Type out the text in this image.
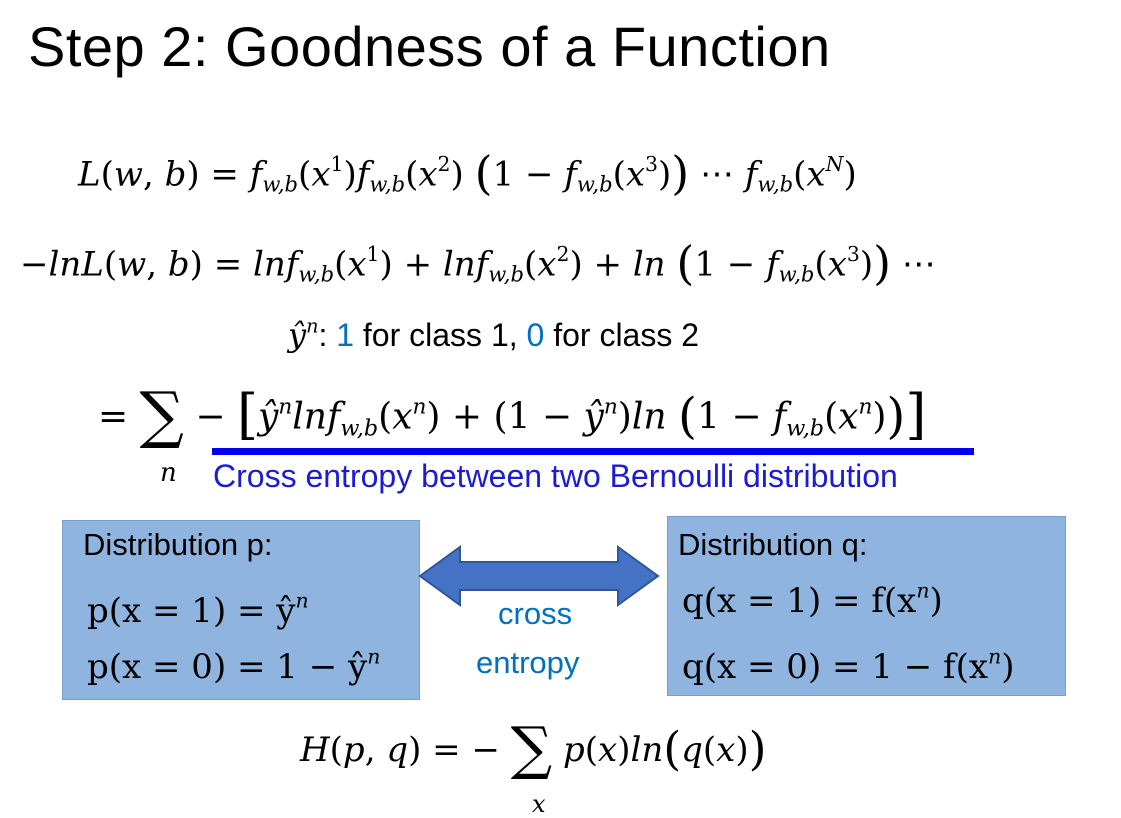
Step 2: Goodness of a Function
L(w, $b) = f_{w,b}(x^1)f_{w,b}(x^2) (1 - f_{w,b}(x^3))$ ⋯ $f_{w,b}(x^N)$
−lnL(w, $b) = \ln f_{w,b}(x^1) + \ln f_{w,b}(x^2) + \ln (1 - f_{w,b}(x^3))$ ⋯
$ŷ^n$: 1 for class 1, 0 for class 2
= ∑ − [$ŷ^n\ln f_{w,b}(x^n) + (1$ − $ŷ^n)\ln$ $(1 - f_{w,b}(x^n))$]
n Cross entropy between two Bernoulli distribution
Distribution p:
$p(x = 1) = ŷ^n$
$p(x = 0) = 1 - ŷ^n$
cross
entropy
Distribution q:
$q(x = 1) = f(x^n)$
$q(x = 0) = 1 - f(x^n)$
H(p, q) = − ∑ p(x)ln(q(x))
x
